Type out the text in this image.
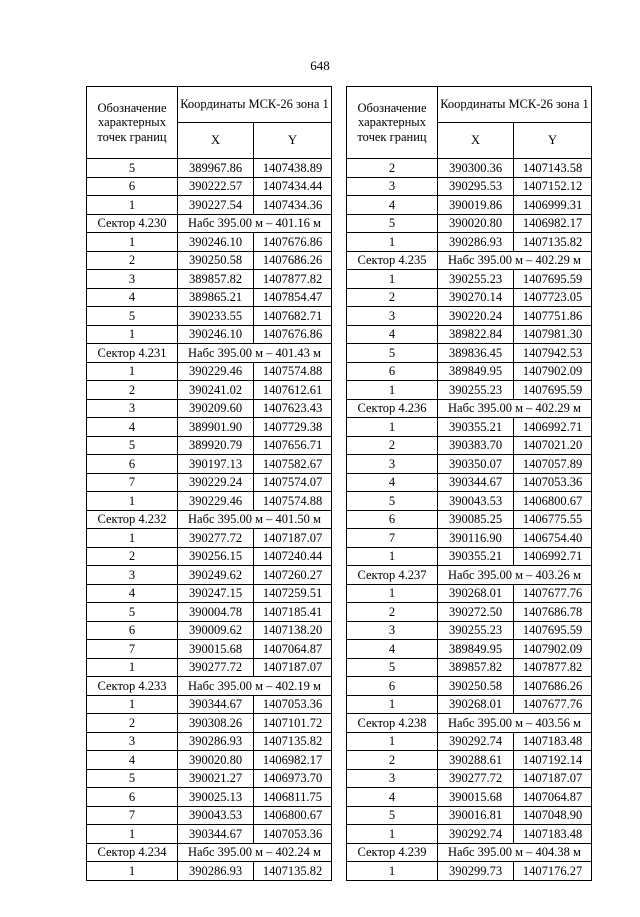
648
Обозначение характерных точек границ	Координаты МСК-26 зона 1	
	X	Y
5	389967.86	1407438.89
6	390222.57	1407434.44
1	390227.54	1407434.36
Сектор 4.230	Набс 395.00 м – 401.16 м	
1	390246.10	1407676.86
2	390250.58	1407686.26
3	389857.82	1407877.82
4	389865.21	1407854.47
5	390233.55	1407682.71
1	390246.10	1407676.86
Сектор 4.231	Набс 395.00 м – 401.43 м	
1	390229.46	1407574.88
2	390241.02	1407612.61
3	390209.60	1407623.43
4	389901.90	1407729.38
5	389920.79	1407656.71
6	390197.13	1407582.67
7	390229.24	1407574.07
1	390229.46	1407574.88
Сектор 4.232	Набс 395.00 м – 401.50 м	
1	390277.72	1407187.07
2	390256.15	1407240.44
3	390249.62	1407260.27
4	390247.15	1407259.51
5	390004.78	1407185.41
6	390009.62	1407138.20
7	390015.68	1407064.87
1	390277.72	1407187.07
Сектор 4.233	Набс 395.00 м – 402.19 м	
1	390344.67	1407053.36
2	390308.26	1407101.72
3	390286.93	1407135.82
4	390020.80	1406982.17
5	390021.27	1406973.70
6	390025.13	1406811.75
7	390043.53	1406800.67
1	390344.67	1407053.36
Сектор 4.234	Набс 395.00 м – 402.24 м	
1	390286.93	1407135.82
Обозначение характерных точек границ	Координаты МСК-26 зона 1	
	X	Y
2	390300.36	1407143.58
3	390295.53	1407152.12
4	390019.86	1406999.31
5	390020.80	1406982.17
1	390286.93	1407135.82
Сектор 4.235	Набс 395.00 м – 402.29 м	
1	390255.23	1407695.59
2	390270.14	1407723.05
3	390220.24	1407751.86
4	389822.84	1407981.30
5	389836.45	1407942.53
6	389849.95	1407902.09
1	390255.23	1407695.59
Сектор 4.236	Набс 395.00 м – 402.29 м	
1	390355.21	1406992.71
2	390383.70	1407021.20
3	390350.07	1407057.89
4	390344.67	1407053.36
5	390043.53	1406800.67
6	390085.25	1406775.55
7	390116.90	1406754.40
1	390355.21	1406992.71
Сектор 4.237	Набс 395.00 м – 403.26 м	
1	390268.01	1407677.76
2	390272.50	1407686.78
3	390255.23	1407695.59
4	389849.95	1407902.09
5	389857.82	1407877.82
6	390250.58	1407686.26
1	390268.01	1407677.76
Сектор 4.238	Набс 395.00 м – 403.56 м	
1	390292.74	1407183.48
2	390288.61	1407192.14
3	390277.72	1407187.07
4	390015.68	1407064.87
5	390016.81	1407048.90
1	390292.74	1407183.48
Сектор 4.239	Набс 395.00 м – 404.38 м	
1	390299.73	1407176.27
